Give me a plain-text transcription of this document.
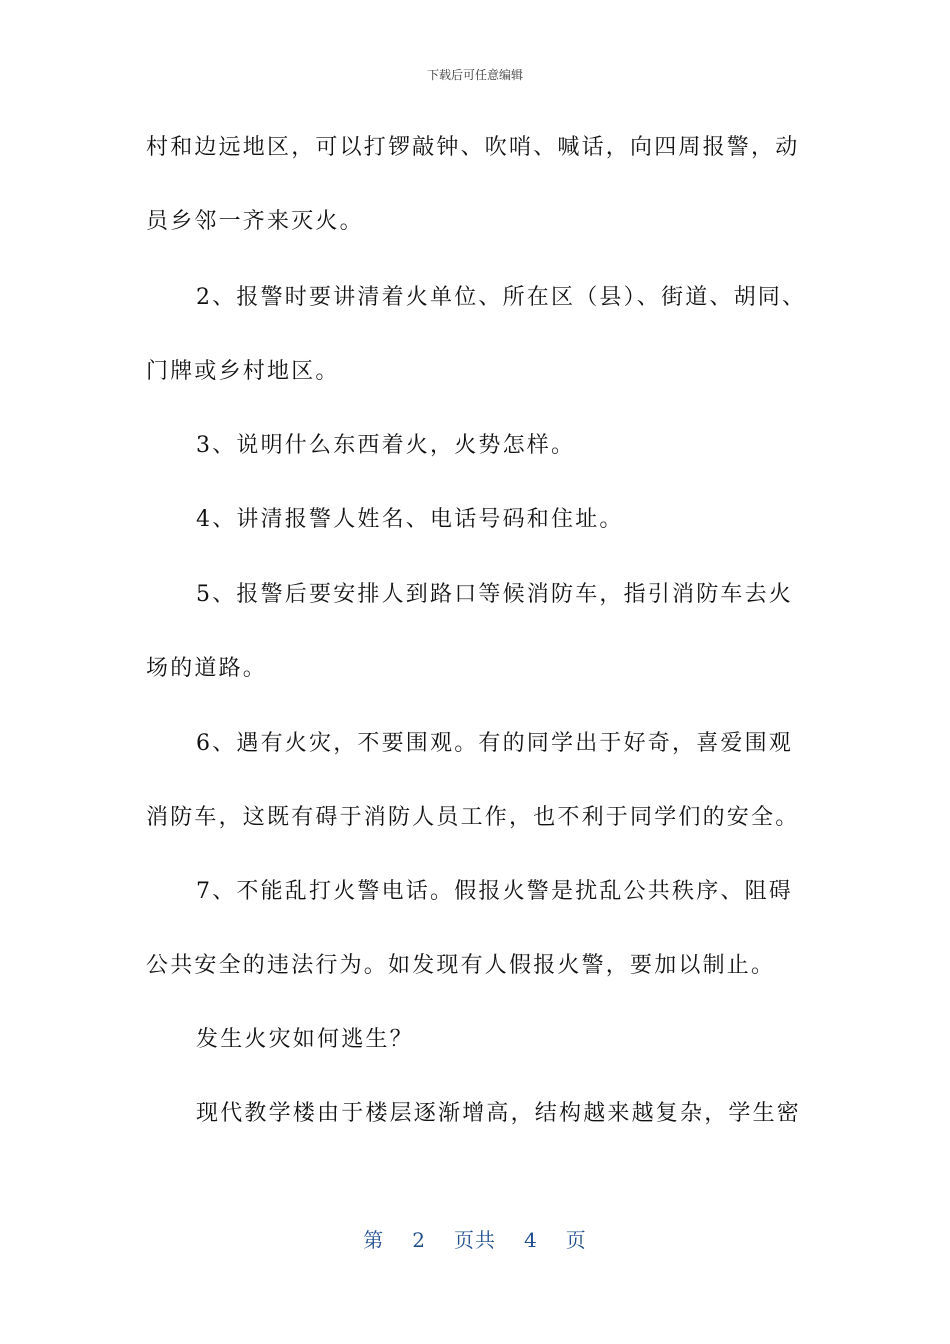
下载后可任意编辑
村和边远地区，可以打锣敲钟、吹哨、喊话，向四周报警，动
员乡邻一齐来灭火。
2、报警时要讲清着火单位、所在区（县）、街道、胡同、
门牌或乡村地区。
3、说明什么东西着火，火势怎样。
4、讲清报警人姓名、电话号码和住址。
5、报警后要安排人到路口等候消防车，指引消防车去火
场的道路。
6、遇有火灾，不要围观。有的同学出于好奇，喜爱围观
消防车，这既有碍于消防人员工作，也不利于同学们的安全。
7、不能乱打火警电话。假报火警是扰乱公共秩序、阻碍
公共安全的违法行为。如发现有人假报火警，要加以制止。
发生火灾如何逃生？
现代教学楼由于楼层逐渐增高，结构越来越复杂，学生密
第 2 页共 4 页
